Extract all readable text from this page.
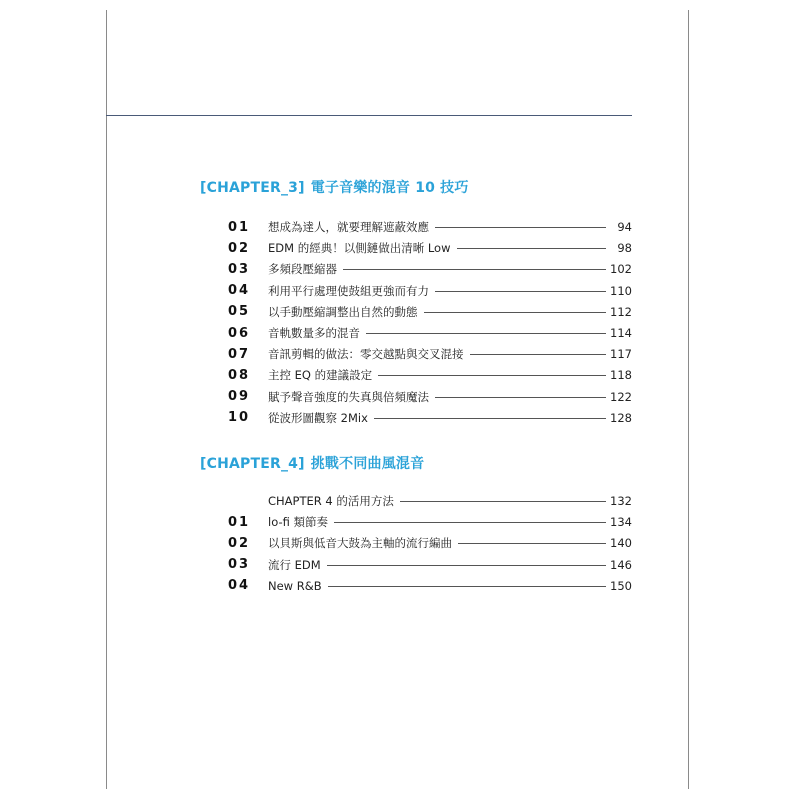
[CHAPTER_3] 電子音樂的混音 10 技巧
01	想成為達人，就要理解遮蔽效應	94
02	EDM 的經典！以側鏈做出清晰 Low	98
03	多頻段壓縮器	102
04	利用平行處理使鼓組更強而有力	110
05	以手動壓縮調整出自然的動態	112
06	音軌數量多的混音	114
07	音訊剪輯的做法：零交越點與交叉混接	117
08	主控 EQ 的建議設定	118
09	賦予聲音強度的失真與倍頻魔法	122
10	從波形圖觀察 2Mix	128
[CHAPTER_4] 挑戰不同曲風混音
CHAPTER 4 的活用方法	132
01	lo-fi 類節奏	134
02	以貝斯與低音大鼓為主軸的流行編曲	140
03	流行 EDM	146
04	New R&B	150
